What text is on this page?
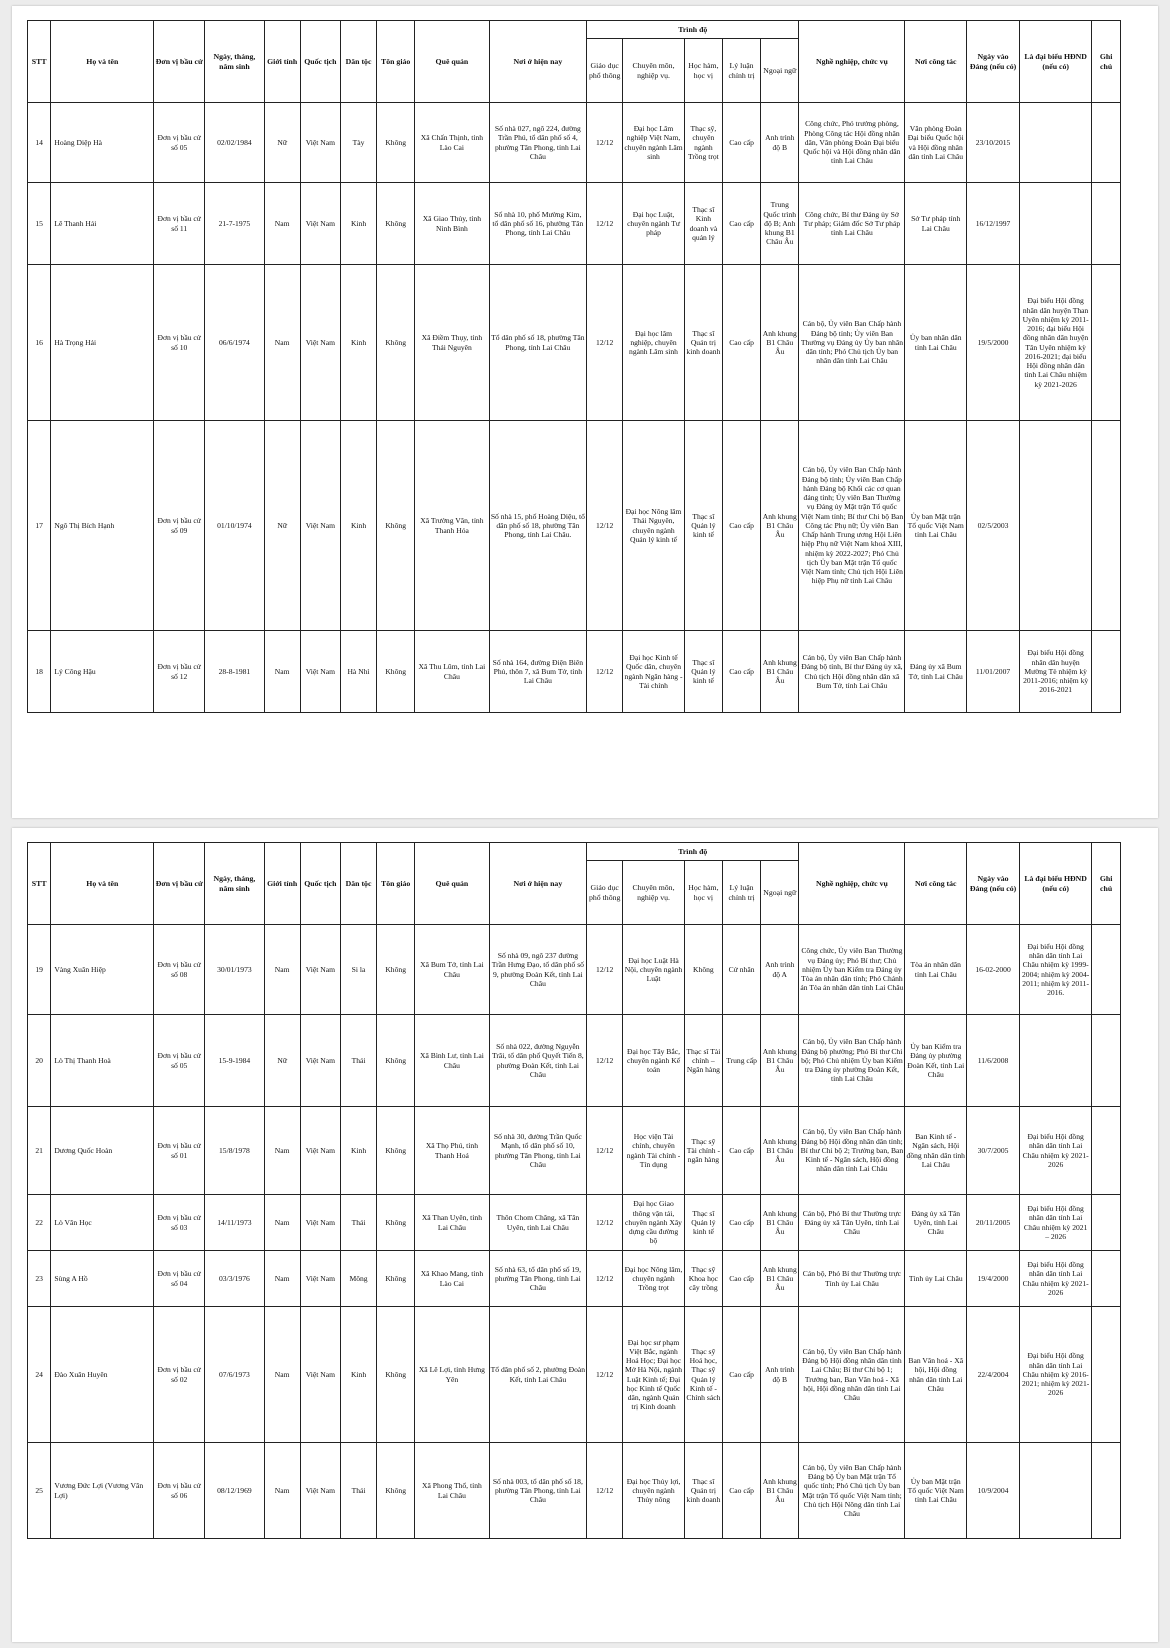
STT	Họ và tên	Đơn vị bầu cử	Ngày, tháng, năm sinh	Giới tính	Quốc tịch	Dân tộc	Tôn giáo	Quê quán	Nơi ở hiện nay	Trình độ					Nghề nghiệp, chức vụ	Nơi công tác	Ngày vào Đảng (nếu có)	Là đại biểu HĐND (nếu có)	Ghi chú
										Giáo dục phổ thông	Chuyên môn, nghiệp vụ.	Học hàm, học vị	Lý luận chính trị	Ngoại ngữ					
14	Hoàng Diệp Hà	Đơn vị bầu cử số 05	02/02/1984	Nữ	Việt Nam	Tày	Không	Xã Chấn Thịnh, tỉnh Lào Cai	Số nhà 027, ngõ 224, đường Trần Phú, tổ dân phố số 4, phường Tân Phong, tỉnh Lai Châu	12/12	Đại học Lâm nghiệp Việt Nam, chuyên ngành Lâm sinh	Thạc sỹ, chuyên ngành Trồng trọt	Cao cấp	Anh trình độ B	Công chức, Phó trưởng phòng, Phòng Công tác Hội đồng nhân dân, Văn phòng Đoàn Đại biểu Quốc hội và Hội đồng nhân dân tỉnh Lai Châu	Văn phòng Đoàn Đại biểu Quốc hội và Hội đồng nhân dân tỉnh Lai Châu	23/10/2015		
15	Lê Thanh Hải	Đơn vị bầu cử số 11	21-7-1975	Nam	Việt Nam	Kinh	Không	Xã Giao Thủy, tỉnh Ninh Bình	Số nhà 10, phố Mường Kim, tổ dân phố số 16, phường Tân Phong, tỉnh Lai Châu	12/12	Đại học Luật, chuyên ngành Tư pháp	Thạc sĩ Kinh doanh và quản lý	Cao cấp	Trung Quốc trình độ B; Anh khung B1 Châu Âu	Công chức, Bí thư Đảng ủy Sở Tư pháp; Giám đốc Sở Tư pháp tỉnh Lai Châu	Sở Tư pháp tỉnh Lai Châu	16/12/1997		
16	Hà Trọng Hải	Đơn vị bầu cử số 10	06/6/1974	Nam	Việt Nam	Kinh	Không	Xã Điềm Thụy, tỉnh Thái Nguyên	Tổ dân phố số 18, phường Tân Phong, tỉnh Lai Châu	12/12	Đại học lâm nghiệp, chuyên ngành Lâm sinh	Thạc sĩ Quản trị kinh doanh	Cao cấp	Anh khung B1 Châu Âu	Cán bộ, Ủy viên Ban Chấp hành Đảng bộ tỉnh; Ủy viên Ban Thường vụ Đảng ủy Ủy ban nhân dân tỉnh; Phó Chủ tịch Ủy ban nhân dân tỉnh Lai Châu	Ủy ban nhân dân tỉnh Lai Châu	19/5/2000	Đại biểu Hội đồng nhân dân huyện Than Uyên nhiệm kỳ 2011-2016; đại biểu Hội đồng nhân dân huyện Tân Uyên nhiệm kỳ 2016-2021; đại biểu Hội đồng nhân dân tỉnh Lai Châu nhiệm kỳ 2021-2026	
17	Ngô Thị Bích Hạnh	Đơn vị bầu cử số 09	01/10/1974	Nữ	Việt Nam	Kinh	Không	Xã Trường Văn, tỉnh Thanh Hóa	Số nhà 15, phố Hoàng Diệu, tổ dân phố số 18, phường Tân Phong, tỉnh Lai Châu.	12/12	Đại học Nông lâm Thái Nguyên, chuyên ngành Quản lý kinh tế	Thạc sĩ Quản lý kinh tế	Cao cấp	Anh khung B1 Châu Âu	Cán bộ, Ủy viên Ban Chấp hành Đảng bộ tỉnh; Ủy viên Ban Chấp hành Đảng bộ Khối các cơ quan đảng tỉnh; Ủy viên Ban Thường vụ Đảng ủy Mặt trận Tổ quốc Việt Nam tỉnh; Bí thư Chi bộ Ban Công tác Phụ nữ; Ủy viên Ban Chấp hành Trung ương Hội Liên hiệp Phụ nữ Việt Nam khoá XIII, nhiệm kỳ 2022-2027; Phó Chủ tịch Ủy ban Mặt trận Tổ quốc Việt Nam tỉnh; Chủ tịch Hội Liên hiệp Phụ nữ tỉnh Lai Châu	Ủy ban Mặt trận Tổ quốc Việt Nam tỉnh Lai Châu	02/5/2003		
18	Lý Công Hậu	Đơn vị bầu cử số 12	28-8-1981	Nam	Việt Nam	Hà Nhì	Không	Xã Thu Lũm, tỉnh Lai Châu	Số nhà 164, đường Điện Biên Phủ, thôn 7, xã Bum Tở, tỉnh Lai Châu	12/12	Đại học Kinh tế Quốc dân, chuyên ngành Ngân hàng - Tài chính	Thạc sĩ Quản lý kinh tế	Cao cấp	Anh khung B1 Châu Âu	Cán bộ, Ủy viên Ban Chấp hành Đảng bộ tỉnh, Bí thư Đảng ủy xã, Chủ tịch Hội đồng nhân dân xã Bum Tở, tỉnh Lai Châu	Đảng ủy xã Bum Tở, tỉnh Lai Châu	11/01/2007	Đại biểu Hội đồng nhân dân huyện Mường Tè nhiệm kỳ 2011-2016; nhiệm kỳ 2016-2021	
STT	Họ và tên	Đơn vị bầu cử	Ngày, tháng, năm sinh	Giới tính	Quốc tịch	Dân tộc	Tôn giáo	Quê quán	Nơi ở hiện nay	Trình độ					Nghề nghiệp, chức vụ	Nơi công tác	Ngày vào Đảng (nếu có)	Là đại biểu HĐND (nếu có)	Ghi chú
										Giáo dục phổ thông	Chuyên môn, nghiệp vụ.	Học hàm, học vị	Lý luận chính trị	Ngoại ngữ					
19	Vàng Xuân Hiệp	Đơn vị bầu cử số 08	30/01/1973	Nam	Việt Nam	Si la	Không	Xã Bum Tở, tỉnh Lai Châu	Số nhà 09, ngõ 237 đường Trần Hưng Đạo, tổ dân phố số 9, phường Đoàn Kết, tỉnh Lai Châu	12/12	Đại học Luật Hà Nội, chuyên ngành Luật	Không	Cử nhân	Anh trình độ A	Công chức, Ủy viên Ban Thường vụ Đảng ủy; Phó Bí thư; Chủ nhiệm Ủy ban Kiểm tra Đảng ủy Tòa án nhân dân tỉnh; Phó Chánh án Tòa án nhân dân tỉnh Lai Châu	Tòa án nhân dân tỉnh Lai Châu	16-02-2000	Đại biểu Hội đồng nhân dân tỉnh Lai Châu nhiệm kỳ 1999-2004; nhiệm kỳ 2004-2011; nhiệm kỳ 2011-2016.	
20	Lò Thị Thanh Hoà	Đơn vị bầu cử số 05	15-9-1984	Nữ	Việt Nam	Thái	Không	Xã Bình Lư, tỉnh Lai Châu	Số nhà 022, đường Nguyễn Trãi, tổ dân phố Quyết Tiến 8, phường Đoàn Kết, tỉnh Lai Châu	12/12	Đại học Tây Bắc, chuyên ngành Kế toán	Thạc sĩ Tài chính – Ngân hàng	Trung cấp	Anh khung B1 Châu Âu	Cán bộ, Ủy viên Ban Chấp hành Đảng bộ phường; Phó Bí thư Chi bộ; Phó Chủ nhiệm Ủy ban Kiểm tra Đảng ủy phường Đoàn Kết, tỉnh Lai Châu	Ủy ban Kiểm tra Đảng ủy phường Đoàn Kết, tỉnh Lai Châu	11/6/2008		
21	Dương Quốc Hoàn	Đơn vị bầu cử số 01	15/8/1978	Nam	Việt Nam	Kinh	Không	Xã Thọ Phú, tỉnh Thanh Hoá	Số nhà 30, đường Trần Quốc Mạnh, tổ dân phố số 10, phường Tân Phong, tỉnh Lai Châu	12/12	Học viện Tài chính, chuyên ngành Tài chính - Tín dụng	Thạc sỹ Tài chính - ngân hàng	Cao cấp	Anh khung B1 Châu Âu	Cán bộ, Ủy viên Ban Chấp hành Đảng bộ Hội đồng nhân dân tỉnh; Bí thư Chi bộ 2; Trưởng ban, Ban Kinh tế - Ngân sách, Hội đồng nhân dân tỉnh Lai Châu	Ban Kinh tế - Ngân sách, Hội đồng nhân dân tỉnh Lai Châu	30/7/2005	Đại biểu Hội đồng nhân dân tỉnh Lai Châu nhiệm kỳ 2021-2026	
22	Lò Văn Học	Đơn vị bầu cử số 03	14/11/1973	Nam	Việt Nam	Thái	Không	Xã Than Uyên, tỉnh Lai Châu	Thôn Chom Chăng, xã Tân Uyên, tỉnh Lai Châu	12/12	Đại học Giao thông vận tải, chuyên ngành Xây dựng cầu đường bộ	Thạc sĩ Quản lý kinh tế	Cao cấp	Anh khung B1 Châu Âu	Cán bộ, Phó Bí thư Thường trực Đảng ủy xã Tân Uyên, tỉnh Lai Châu	Đảng ủy xã Tân Uyên, tỉnh Lai Châu	20/11/2005	Đại biểu Hội đồng nhân dân tỉnh Lai Châu nhiệm kỳ 2021 – 2026	
23	Sùng A Hồ	Đơn vị bầu cử số 04	03/3/1976	Nam	Việt Nam	Mông	Không	Xã Khao Mang, tỉnh Lào Cai	Số nhà 63, tổ dân phố số 19, phường Tân Phong, tỉnh Lai Châu	12/12	Đại học Nông lâm, chuyên ngành Trồng trọt	Thạc sỹ Khoa học cây trồng	Cao cấp	Anh khung B1 Châu Âu	Cán bộ, Phó Bí thư Thường trực Tỉnh ủy Lai Châu	Tỉnh ủy Lai Châu	19/4/2000	Đại biểu Hội đồng nhân dân tỉnh Lai Châu nhiệm kỳ 2021-2026	
24	Đào Xuân Huyên	Đơn vị bầu cử số 02	07/6/1973	Nam	Việt Nam	Kinh	Không	Xã Lê Lợi, tỉnh Hưng Yên	Tổ dân phố số 2, phường Đoàn Kết, tỉnh Lai Châu	12/12	Đại học sư phạm Việt Bắc, ngành Hoá Học; Đại học Mở Hà Nội, ngành Luật Kinh tế; Đại học Kinh tế Quốc dân, ngành Quản trị Kinh doanh	Thạc sỹ Hoá học, Thạc sỹ Quản lý Kinh tế - Chính sách	Cao cấp	Anh trình độ B	Cán bộ, Ủy viên Ban Chấp hành Đảng bộ Hội đồng nhân dân tỉnh Lai Châu; Bí thư Chi bộ 1; Trưởng ban, Ban Văn hoá - Xã hội, Hội đồng nhân dân tỉnh Lai Châu	Ban Văn hoá - Xã hội, Hội đồng nhân dân tỉnh Lai Châu	22/4/2004	Đại biểu Hội đồng nhân dân tỉnh Lai Châu nhiệm kỳ 2016-2021; nhiệm kỳ 2021-2026	
25	Vương Đức Lợi (Vương Văn Lợi)	Đơn vị bầu cử số 06	08/12/1969	Nam	Việt Nam	Thái	Không	Xã Phong Thổ, tỉnh Lai Châu	Số nhà 003, tổ dân phố số 18, phường Tân Phong, tỉnh Lai Châu	12/12	Đại học Thủy lợi, chuyên ngành Thủy nông	Thạc sĩ Quản trị kinh doanh	Cao cấp	Anh khung B1 Châu Âu	Cán bộ, Ủy viên Ban Chấp hành Đảng bộ Ủy ban Mặt trận Tổ quốc tỉnh; Phó Chủ tịch Ủy ban Mặt trận Tổ quốc Việt Nam tỉnh; Chủ tịch Hội Nông dân tỉnh Lai Châu	Ủy ban Mặt trận Tổ quốc Việt Nam tỉnh Lai Châu	10/9/2004		
